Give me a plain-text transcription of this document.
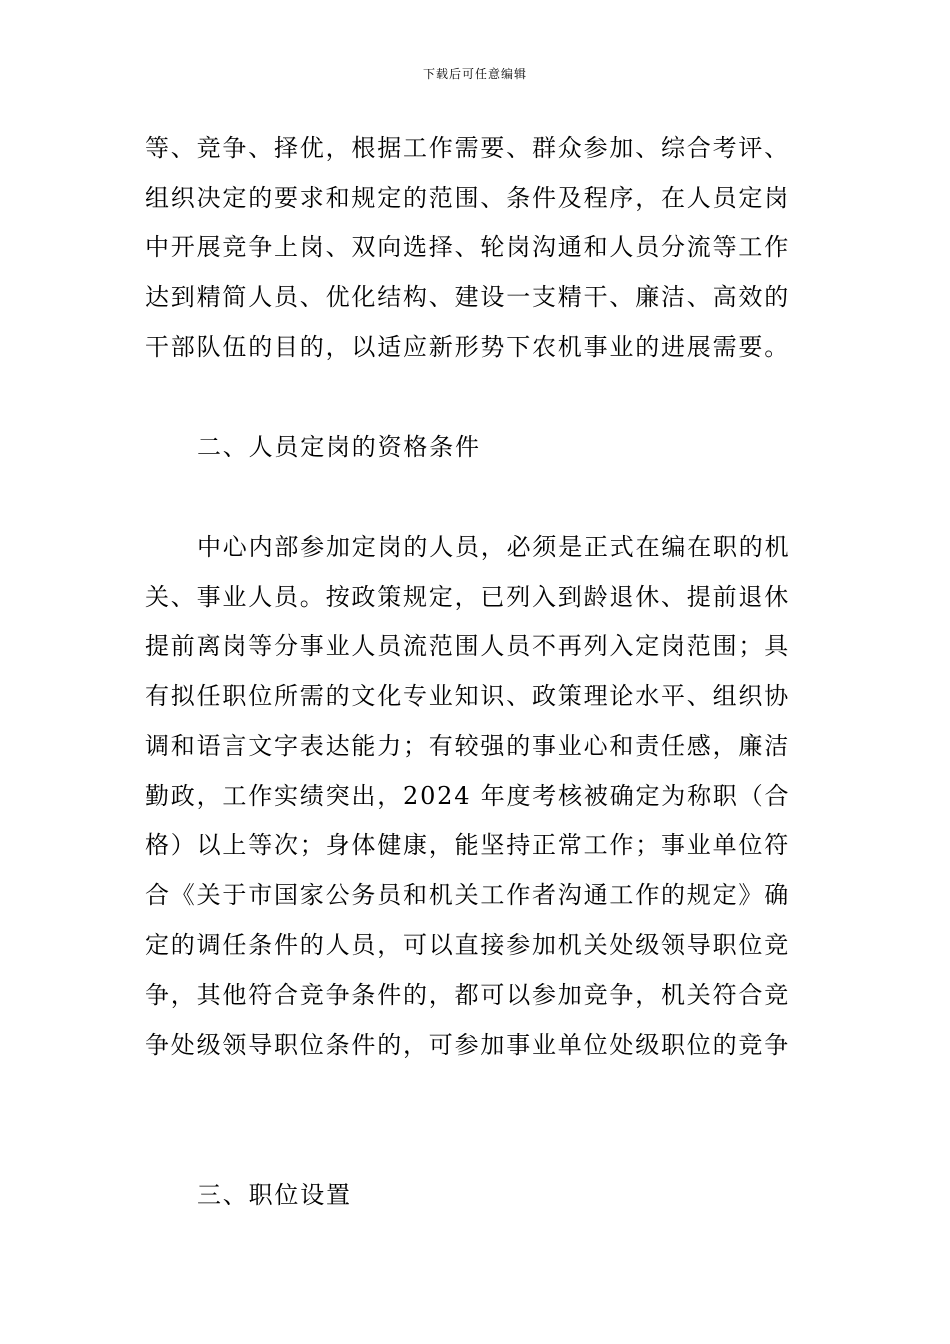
下载后可任意编辑
等、竞争、择优，根据工作需要、群众参加、综合考评、
组织决定的要求和规定的范围、条件及程序，在人员定岗
中开展竞争上岗、双向选择、轮岗沟通和人员分流等工作
达到精简人员、优化结构、建设一支精干、廉洁、高效的
干部队伍的目的，以适应新形势下农机事业的进展需要。
二、人员定岗的资格条件
中心内部参加定岗的人员，必须是正式在编在职的机
关、事业人员。按政策规定，已列入到龄退休、提前退休
提前离岗等分事业人员流范围人员不再列入定岗范围；具
有拟任职位所需的文化专业知识、政策理论水平、组织协
调和语言文字表达能力；有较强的事业心和责任感，廉洁
勤政，工作实绩突出，2024 年度考核被确定为称职（合
格）以上等次；身体健康，能坚持正常工作；事业单位符
合《关于市国家公务员和机关工作者沟通工作的规定》确
定的调任条件的人员，可以直接参加机关处级领导职位竞
争，其他符合竞争条件的，都可以参加竞争，机关符合竞
争处级领导职位条件的，可参加事业单位处级职位的竞争
三、职位设置
